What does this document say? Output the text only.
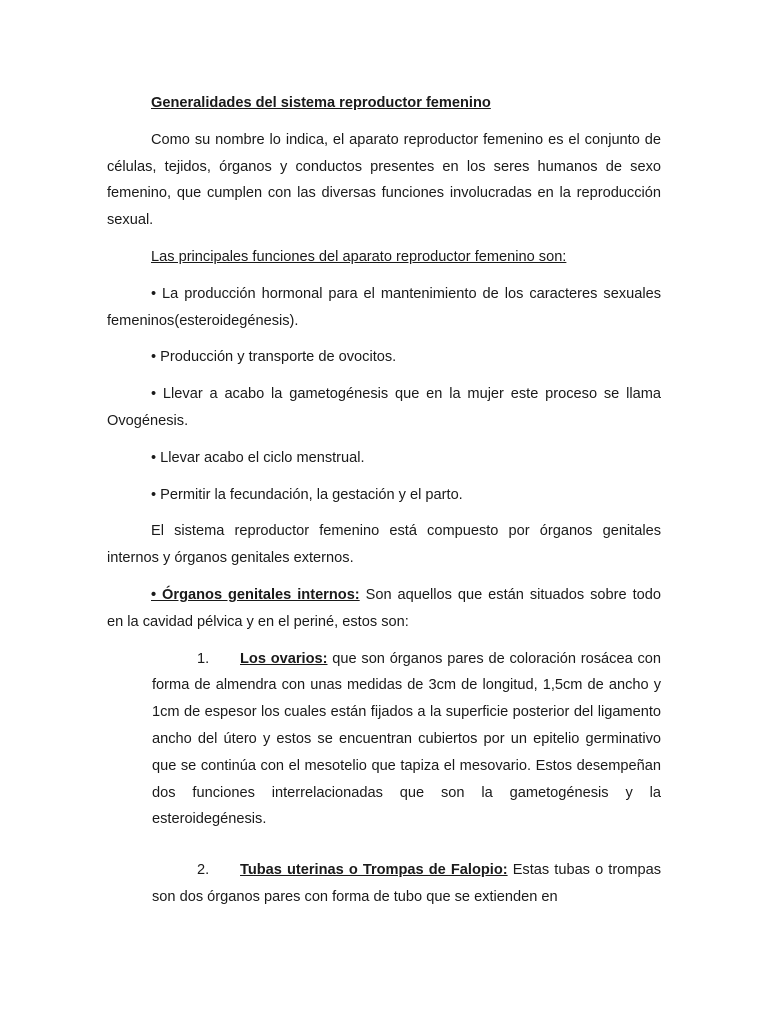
Generalidades del sistema reproductor femenino

Como su nombre lo indica, el aparato reproductor femenino es el conjunto de células, tejidos, órganos y conductos presentes en los seres humanos de sexo femenino, que cumplen con las diversas funciones involucradas en la reproducción sexual.

Las principales funciones del aparato reproductor femenino son:

• La producción hormonal para el mantenimiento de los caracteres sexuales femeninos(esteroidegénesis).

• Producción y transporte de ovocitos.

• Llevar a acabo la gametogénesis que en la mujer este proceso se llama Ovogénesis.

• Llevar acabo el ciclo menstrual.

• Permitir la fecundación, la gestación y el parto.

El sistema reproductor femenino está compuesto por órganos genitales internos y órganos genitales externos.

• Órganos genitales internos: Son aquellos que están situados sobre todo en la cavidad pélvica y en el periné, estos son:

1. Los ovarios: que son órganos pares de coloración rosácea con forma de almendra con unas medidas de 3cm de longitud, 1,5cm de ancho y 1cm de espesor los cuales están fijados a la superficie posterior del ligamento ancho del útero y estos se encuentran cubiertos por un epitelio germinativo que se continúa con el mesotelio que tapiza el mesovario. Estos desempeñan dos funciones interrelacionadas que son la gametogénesis y la esteroidegénesis.

2. Tubas uterinas o Trompas de Falopio: Estas tubas o trompas son dos órganos pares con forma de tubo que se extienden en
